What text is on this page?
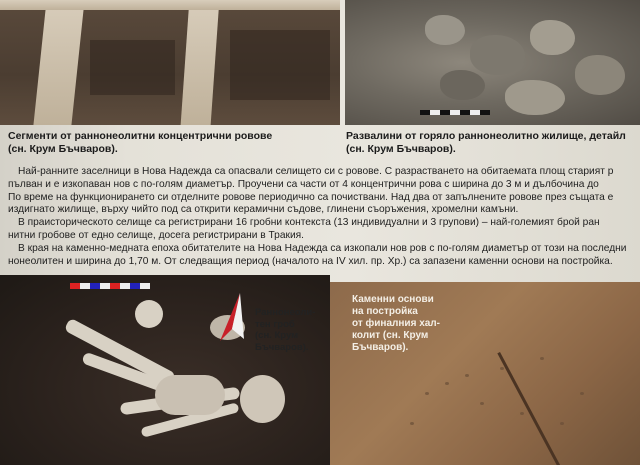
Сегменти от раннонеолитни концентрични ровове
(сн. Крум Бъчваров).
Развалини от горяло раннонеолитно жилище, детайл
(сн. Крум Бъчваров).

Най-ранните заселници в Нова Надежда са опасвали селището си с ровове. С разрастването на обитаемата площ старият р

пълван и е изкопаван нов с по-голям диаметър. Проучени са части от 4 концентрични рова с ширина до 3 м и дълбочина до

По време на функционирането си отделните ровове периодично са почиствани. Над два от запълнените ровове през същата е

издигнато жилище, върху чийто под са открити керамични съдове, глинени съоръжения, хромелни камъни.

В праисторическото селище са регистрирани 16 гробни контекста (13 индивидуални и 3 групови) – най-големият брой ран

нитни гробове от едно селище, досега регистрирани в Тракия.

В края на каменно-медната епоха обитателите на Нова Надежда са изкопали нов ров с по-голям диаметър от този на последни

нонеолитен и ширина до 1,70 м. От следващия период (началото на IV хил. пр. Хр.) са запазени каменни основи на постройка.

Раннонеоли-
тен гроб
(сн. Крум
Бъчваров).
Каменни основи
на постройка
от финалния хал-
колит (сн. Крум
Бъчваров).
